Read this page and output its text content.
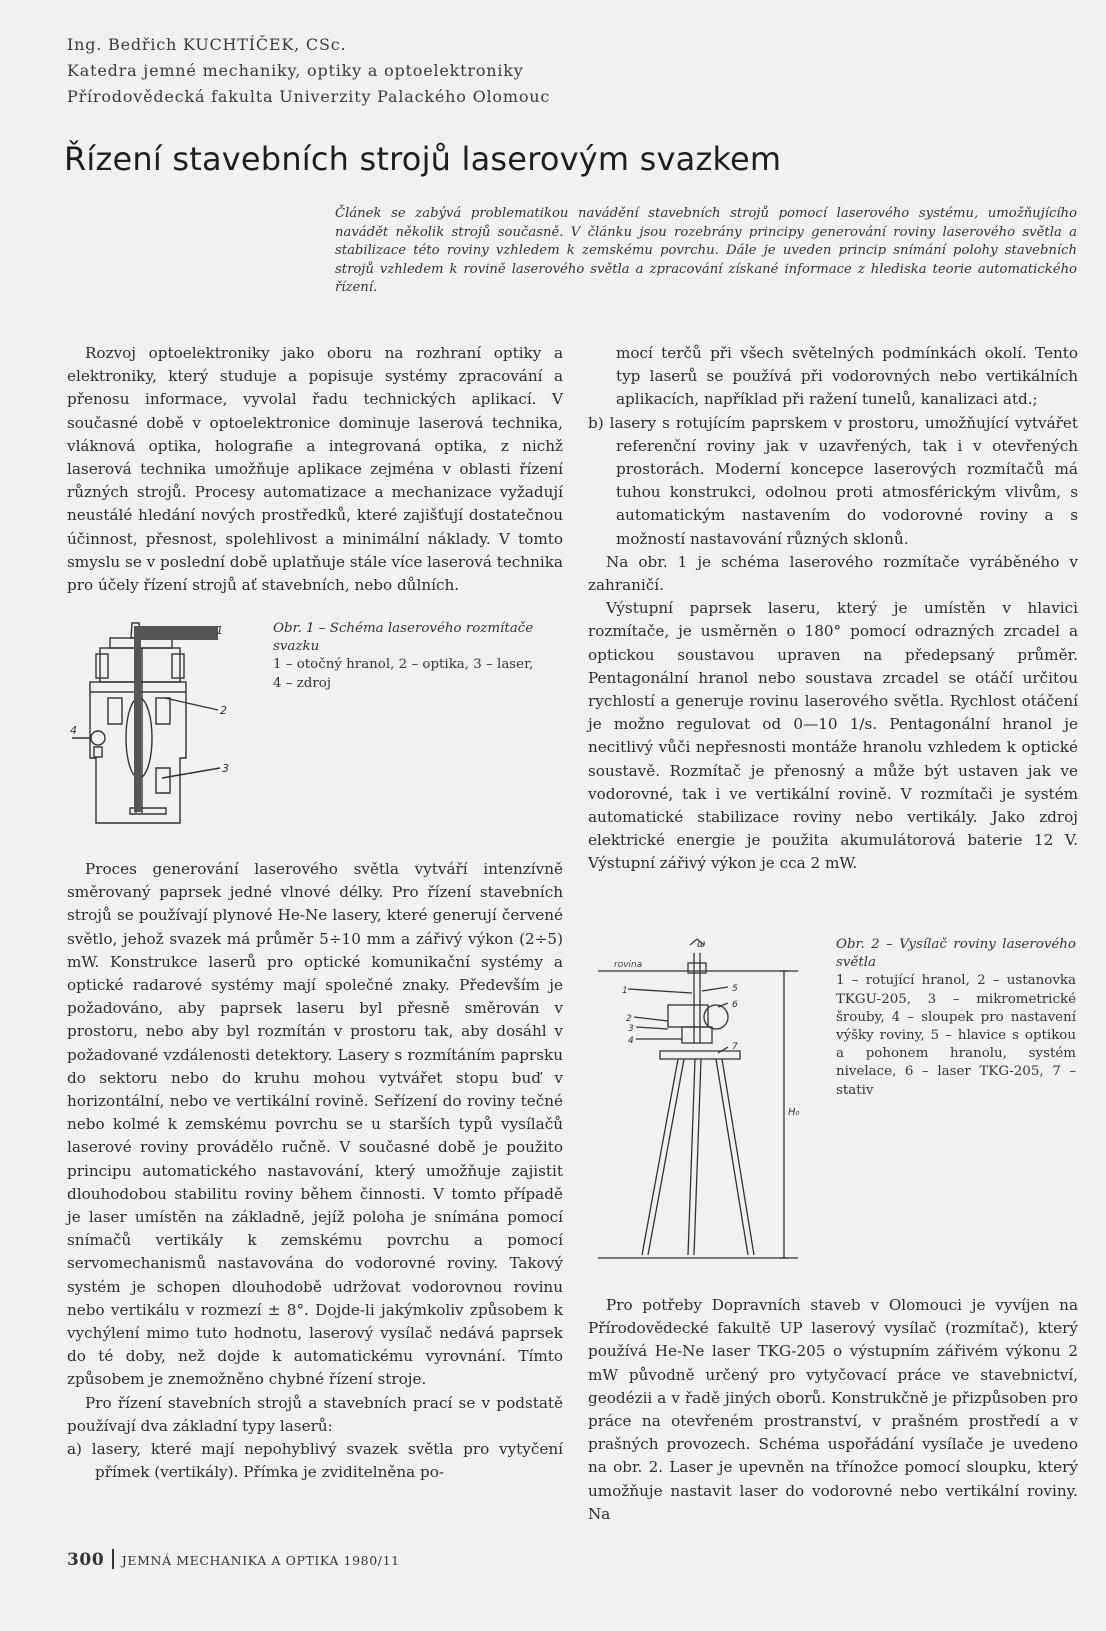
Ing. Bedřich KUCHTÍČEK, CSc.
Katedra jemné mechaniky, optiky a optoelektroniky
Přírodovědecká fakulta Univerzity Palackého Olomouc
Řízení stavebních strojů laserovým svazkem
Článek se zabývá problematikou navádění stavebních strojů pomocí laserového systému, umožňujícího navádět několik strojů současně. V článku jsou rozebrány principy generování roviny laserového světla a stabilizace této roviny vzhledem k zemskému povrchu. Dále je uveden princip snímání polohy stavebních strojů vzhledem k rovině laserového světla a zpracování získané informace z hlediska teorie automatického řízení.

Rozvoj optoelektroniky jako oboru na rozhraní optiky a elektroniky, který studuje a popisuje systémy zpracování a přenosu informace, vyvolal řadu technických aplikací. V současné době v optoelektronice dominuje laserová technika, vláknová optika, holografie a integrovaná optika, z nichž laserová technika umožňuje aplikace zejména v oblasti řízení různých strojů. Procesy automatizace a mechanizace vyžadují neustálé hledání nových prostředků, které zajišťují dostatečnou účinnost, přesnost, spolehlivost a minimální náklady. V tomto smyslu se v poslední době uplatňuje stále více laserová technika pro účely řízení strojů ať stavebních, nebo důlních.

1
2
3
4
Obr. 1 – Schéma laserového rozmítače svazku
1 – otočný hranol, 2 – optika, 3 – laser, 4 – zdroj

Proces generování laserového světla vytváří intenzívně směrovaný paprsek jedné vlnové délky. Pro řízení stavebních strojů se používají plynové He-Ne lasery, které generují červené světlo, jehož svazek má průměr 5÷10 mm a zářivý výkon (2÷5) mW. Konstrukce laserů pro optické komunikační systémy a optické radarové systémy mají společné znaky. Především je požadováno, aby paprsek laseru byl přesně směrován v prostoru, nebo aby byl rozmítán v prostoru tak, aby dosáhl v požadované vzdálenosti detektory. Lasery s rozmítáním paprsku do sektoru nebo do kruhu mohou vytvářet stopu buď v horizontální, nebo ve vertikální rovině. Seřízení do roviny tečné nebo kolmé k zemskému povrchu se u starších typů vysílačů laserové roviny provádělo ručně. V současné době je použito principu automatického nastavování, který umožňuje zajistit dlouhodobou stabilitu roviny během činnosti. V tomto případě je laser umístěn na základně, jejíž poloha je snímána pomocí snímačů vertikály k zemskému povrchu a pomocí servomechanismů nastavována do vodorovné roviny. Takový systém je schopen dlouhodobě udržovat vodorovnou rovinu nebo vertikálu v rozmezí ± 8°. Dojde-li jakýmkoliv způsobem k vychýlení mimo tuto hodnotu, laserový vysílač nedává paprsek do té doby, než dojde k automatickému vyrovnání. Tímto způsobem je znemožněno chybné řízení stroje.

Pro řízení stavebních strojů a stavebních prací se v podstatě používají dva základní typy laserů:

a) lasery, které mají nepohyblivý svazek světla pro vytyčení přímek (vertikály). Přímka je zviditelněna po-

mocí terčů při všech světelných podmínkách okolí. Tento typ laserů se používá při vodorovných nebo vertikálních aplikacích, například při ražení tunelů, kanalizaci atd.;

b) lasery s rotujícím paprskem v prostoru, umožňující vytvářet referenční roviny jak v uzavřených, tak i v otevřených prostorách. Moderní koncepce laserových rozmítačů má tuhou konstrukci, odolnou proti atmosférickým vlivům, s automatickým nastavením do vodorovné roviny a s možností nastavování různých sklonů.

Na obr. 1 je schéma laserového rozmítače vyráběného v zahraničí.

Výstupní paprsek laseru, který je umístěn v hlavici rozmítače, je usměrněn o 180° pomocí odrazných zrcadel a optickou soustavou upraven na předepsaný průměr. Pentagonální hranol nebo soustava zrcadel se otáčí určitou rychlostí a generuje rovinu laserového světla. Rychlost otáčení je možno regulovat od 0—10 1/s. Pentagonální hranol je necitlivý vůči nepřesnosti montáže hranolu vzhledem k optické soustavě. Rozmítač je přenosný a může být ustaven jak ve vodorovné, tak i ve vertikální rovině. V rozmítači je systém automatické stabilizace roviny nebo vertikály. Jako zdroj elektrické energie je použita akumulátorová baterie 12 V. Výstupní zářivý výkon je cca 2 mW.

rovina
ω
H₀
1
2
3
4
5
6
7
Obr. 2 – Vysílač roviny laserového světla
1 – rotující hranol, 2 – ustanovka TKGU-205, 3 – mikrometrické šrouby, 4 – sloupek pro nastavení výšky roviny, 5 – hlavice s optikou a pohonem hranolu, systém nivelace, 6 – laser TKG-205, 7 – stativ

Pro potřeby Dopravních staveb v Olomouci je vyvíjen na Přírodovědecké fakultě UP laserový vysílač (rozmítač), který používá He-Ne laser TKG-205 o výstupním zářivém výkonu 2 mW původně určený pro vytyčovací práce ve stavebnictví, geodézii a v řadě jiných oborů. Konstrukčně je přizpůsoben pro práce na otevřeném prostranství, v prašném prostředí a v prašných provozech. Schéma uspořádání vysílače je uvedeno na obr. 2. Laser je upevněn na třínožce pomocí sloupku, který umožňuje nastavit laser do vodorovné nebo vertikální roviny. Na

300 JEMNÁ MECHANIKA A OPTIKA 1980/11
